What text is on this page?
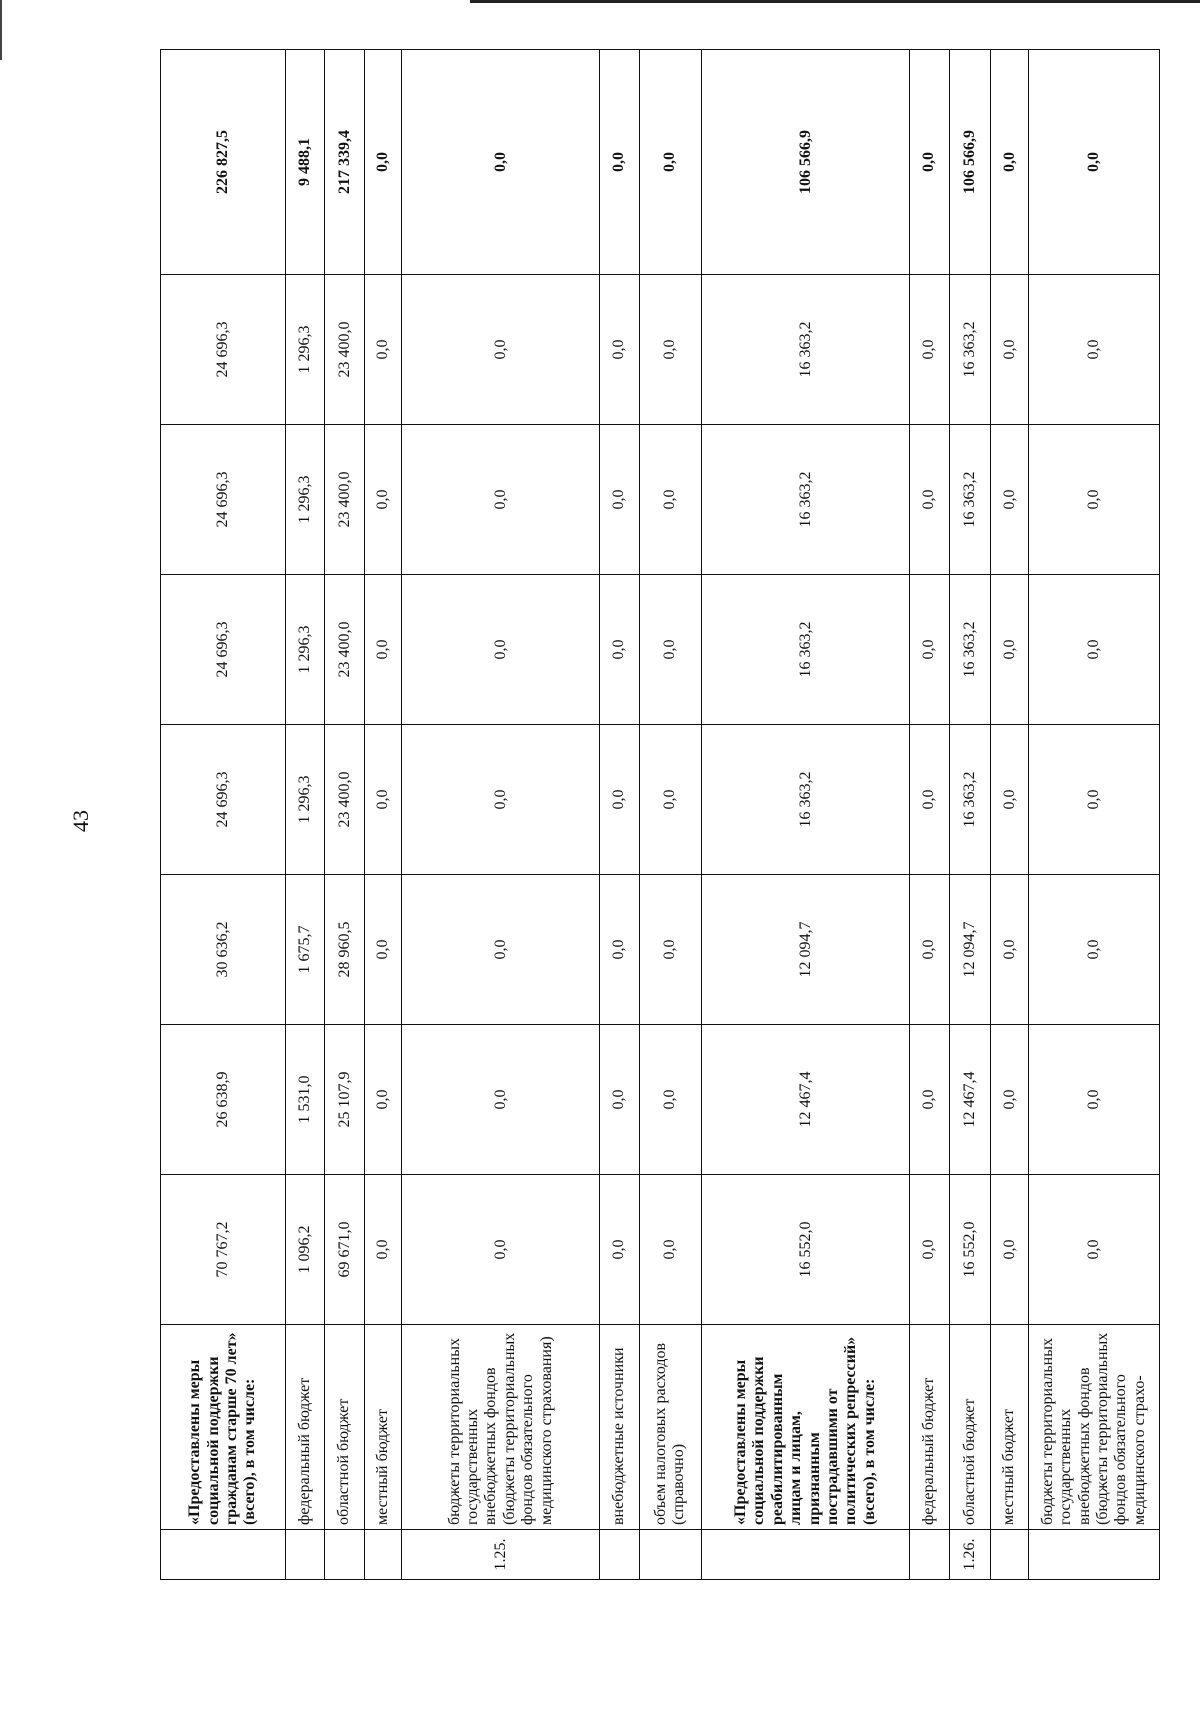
43
	«Предоставлены меры социальной поддержки гражданам старше 70 лет» (всего), в том числе:	70 767,2	26 638,9	30 636,2	24 696,3	24 696,3	24 696,3	24 696,3	226 827,5
	федеральный бюджет	1 096,2	1 531,0	1 675,7	1 296,3	1 296,3	1 296,3	1 296,3	9 488,1
	областной бюджет	69 671,0	25 107,9	28 960,5	23 400,0	23 400,0	23 400,0	23 400,0	217 339,4
	местный бюджет	0,0	0,0	0,0	0,0	0,0	0,0	0,0	0,0
1.25.	бюджеты территориальных государственных внебюджетных фондов (бюджеты территориальных фондов обязательного медицинского страхования)	0,0	0,0	0,0	0,0	0,0	0,0	0,0	0,0
	внебюджетные источники	0,0	0,0	0,0	0,0	0,0	0,0	0,0	0,0
	объем налоговых расходов (справочно)	0,0	0,0	0,0	0,0	0,0	0,0	0,0	0,0
	«Предоставлены меры социальной поддержки реабилитированным лицам и лицам, признанным пострадавшими от политических репрессий» (всего), в том числе:	16 552,0	12 467,4	12 094,7	16 363,2	16 363,2	16 363,2	16 363,2	106 566,9
	федеральный бюджет	0,0	0,0	0,0	0,0	0,0	0,0	0,0	0,0
1.26.	областной бюджет	16 552,0	12 467,4	12 094,7	16 363,2	16 363,2	16 363,2	16 363,2	106 566,9
	местный бюджет	0,0	0,0	0,0	0,0	0,0	0,0	0,0	0,0
	бюджеты территориальных государственных внебюджетных фондов (бюджеты территориальных фондов обязательного медицинского страхо-	0,0	0,0	0,0	0,0	0,0	0,0	0,0	0,0
